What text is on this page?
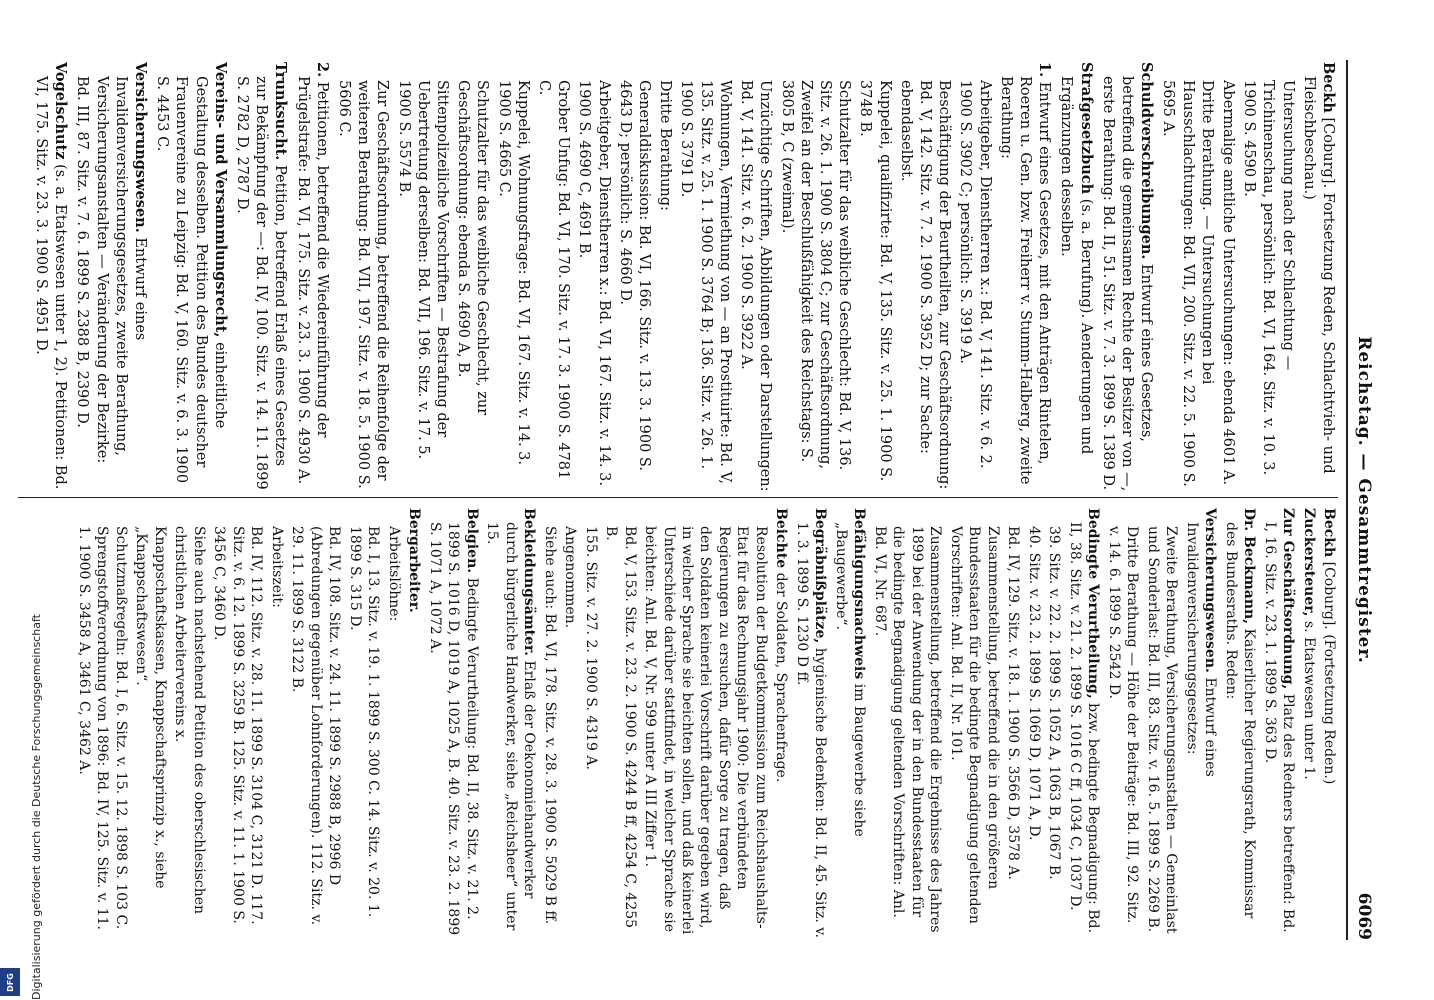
6069
Reichstag. — Gesammtregister.
Beckh [Coburg]. Fortsetzung Reden, Schlachtvieh- und Fleischbeschau.)
Untersuchung nach der Schlachtung — Trichinenschau, persönlich: Bd. VI, 164. Sitz. v. 10. 3. 1900 S. 4590 B.
Abermalige amtliche Untersuchungen: ebenda 4601 A.
Dritte Berathung. — Untersuchungen bei Hausschlachtungen: Bd. VII, 200. Sitz. v. 22. 5. 1900 S. 5695 A.
Schuldverschreibungen. Entwurf eines Gesetzes, betreffend die gemeinsamen Rechte der Besitzer von —, erste Berathung: Bd. II, 51. Sitz. v. 7. 3. 1899 S. 1389 D.
Strafgesetzbuch (s. a. Berufung). Aenderungen und Ergänzungen desselben.
1. Entwurf eines Gesetzes, mit den Anträgen Rintelen, Roeren u. Gen. bzw. Freiherr v. Stumm-Halberg, zweite Berathung:
Arbeitgeber, Dienstherren x.: Bd. V, 141. Sitz. v. 6. 2. 1900 S. 3902 C; persönlich: S. 3919 A.
Beschäftigung der Beurtheilten, zur Geschäftsordnung: Bd. V, 142. Sitz. v. 7. 2. 1900 S. 3952 D; zur Sache: ebendaselbst.
Kuppelei, qualifizirte: Bd. V, 135. Sitz. v. 25. 1. 1900 S. 3748 B.
Schutzalter für das weibliche Geschlecht: Bd. V, 136. Sitz. v. 26. 1. 1900 S. 3804 C; zur Geschäftsordnung, Zweifel an der Beschlußfähigkeit des Reichstags: S. 3805 B, C (zweimal).
Unzüchtige Schriften, Abbildungen oder Darstellungen: Bd. V, 141. Sitz. v. 6. 2. 1900 S. 3922 A.
Wohnungen, Vermiethung von — an Prostituirte: Bd. V, 135. Sitz. v. 25. 1. 1900 S. 3764 B; 136. Sitz. v. 26. 1. 1900 S. 3791 D.
Dritte Berathung:
Generaldiskussion: Bd. VI, 166. Sitz. v. 13. 3. 1900 S. 4643 D; persönlich: S. 4660 D.
Arbeitgeber, Dienstherren x.: Bd. VI, 167. Sitz. v. 14. 3. 1900 S. 4690 C, 4691 B.
Grober Unfug: Bd. VI, 170. Sitz. v. 17. 3. 1900 S. 4781 C.
Kuppelei, Wohnungsfrage: Bd. VI, 167. Sitz. v. 14. 3. 1900 S. 4665 C.
Schutzalter für das weibliche Geschlecht, zur Geschäftsordnung: ebenda S. 4690 A, B.
Sittenpolizeiliche Vorschriften — Bestrafung der Uebertretung derselben: Bd. VII, 196. Sitz. v. 17. 5. 1900 S. 5574 B.
Zur Geschäftsordnung, betreffend die Reihenfolge der weiteren Berathung: Bd. VII, 197. Sitz. v. 18. 5. 1900 S. 5606 C.
2. Petitionen, betreffend die Wiedereinführung der Prügelstrafe: Bd. VI, 175. Sitz. v. 23. 3. 1900 S. 4930 A.
Trunksucht. Petition, betreffend Erlaß eines Gesetzes zur Bekämpfung der —: Bd. IV, 100. Sitz. v. 14. 11. 1899 S. 2782 D, 2787 D.
Vereins- und Versammlungsrecht, einheitliche Gestaltung desselben. Petition des Bundes deutscher Frauenvereine zu Leipzig: Bd. V, 160. Sitz. v. 6. 3. 1900 S. 4453 C.
Versicherungswesen. Entwurf eines Invalidenversicherungsgesetzes, zweite Berathung, Versicherungsanstalten — Veränderung der Bezirke: Bd. III, 87. Sitz. v. 7. 6. 1899 S. 2388 B, 2390 D.
Vogelschutz (s. a. Etatswesen unter 1, 2). Petitionen: Bd. VI, 175. Sitz. v. 23. 3. 1900 S. 4951 D.
Beckh [Coburg]. (Fortsetzung Reden.)
Zuckersteuer, s. Etatswesen unter 1.
Zur Geschäftsordnung, Platz des Redners betreffend: Bd. I, 16. Sitz. v. 23. 1. 1899 S. 363 D.
Dr. Beckmann, Kaiserlicher Regierungsrath, Kommissar des Bundesraths. Reden:
Versicherungswesen. Entwurf eines Invalidenversicherungsgesetzes:
Zweite Berathung, Versicherungsanstalten — Gemeinlast und Sonderlast: Bd. III, 83. Sitz. v. 16. 5. 1899 S. 2269 B.
Dritte Berathung — Höhe der Beiträge: Bd. III, 92. Sitz. v. 14. 6. 1899 S. 2542 D.
Bedingte Verurtheilung, bzw. bedingte Begnadigung: Bd. II, 38. Sitz. v. 21. 2. 1899 S. 1016 C ff, 1034 C, 1037 D.
39. Sitz. v. 22. 2. 1899 S. 1052 A, 1063 B, 1067 B.
40. Sitz. v. 23. 2. 1899 S. 1069 D, 1071 A, D.
Bd. IV, 129. Sitz. v. 18. 1. 1900 S. 3566 D, 3578 A.
Zusammenstellung, betreffend die in den größeren Bundesstaaten für die bedingte Begnadigung geltenden Vorschriften: Anl. Bd. II, Nr. 101.
Zusammenstellung, betreffend die Ergebnisse des Jahres 1899 bei der Anwendung der in den Bundesstaaten für die bedingte Begnadigung geltenden Vorschriften: Anl. Bd. VI, Nr. 687.
Befähigungsnachweis im Baugewerbe siehe „Baugewerbe“.
Begräbnißplätze, hygienische Bedenken: Bd. II, 45. Sitz. v. 1. 3. 1899 S. 1230 D ff.
Beichte der Soldaten, Sprachenfrage.
Resolution der Budgetkommission zum Reichshaushalts-Etat für das Rechnungsjahr 1900: Die verbündeten Regierungen zu ersuchen, dafür Sorge zu tragen, daß den Soldaten keinerlei Vorschrift darüber gegeben wird, in welcher Sprache sie beichten sollen, und daß keinerlei Unterschiede darüber stattfindet, in welcher Sprache sie beichten: Anl. Bd. V, Nr. 599 unter A III Ziffer 1.
Bd. V, 153. Sitz. v. 23. 2. 1900 S. 4244 B ff, 4254 C, 4255 B.
155. Sitz. v. 27. 2. 1900 S. 4319 A.
Angenommen.
Siehe auch: Bd. VI, 178. Sitz. v. 28. 3. 1900 S. 5029 B ff.
Bekleidungsämter. Erlaß der Oekonomiehandwerker durch bürgerliche Handwerker, siehe „Reichsheer“ unter 15.
Belgien. Bedingte Verurtheilung: Bd. II, 38. Sitz. v. 21. 2. 1899 S. 1016 D, 1019 A, 1025 A, B. 40. Sitz. v. 23. 2. 1899 S. 1071 A, 1072 A.
Bergarbeiter.
Arbeitslöhne:
Bd. I, 13. Sitz. v. 19. 1. 1899 S. 300 C. 14. Sitz. v. 20. 1. 1899 S. 315 D.
Bd. IV, 108. Sitz. v. 24. 11. 1899 S. 2988 B, 2996 D (Abredungen gegenüber Lohnforderungen). 112. Sitz. v. 29. 11. 1899 S. 3122 B.
Arbeitszeit:
Bd. IV, 112. Sitz. v. 28. 11. 1899 S. 3104 C, 3121 D. 117. Sitz. v. 6. 12. 1899 S. 3259 B. 125. Sitz. v. 11. 1. 1900 S. 3456 C, 3460 D.
Siehe auch nachstehend Petition des oberschlesischen christlichen Arbeitervereins x.
Knappschaftskassen, Knappschaftsprinzip x., siehe „Knappschaftswesen“.
Schutzmaßregeln: Bd. I, 6. Sitz. v. 15. 12. 1898 S. 103 C. Sprengstoffverordnung von 1896: Bd. IV, 125. Sitz. v. 11. 1. 1900 S. 3458 A, 3461 C, 3462 A.
Digitalisierung gefördert durch die Deutsche Forschungsgemeinschaft
DFG
